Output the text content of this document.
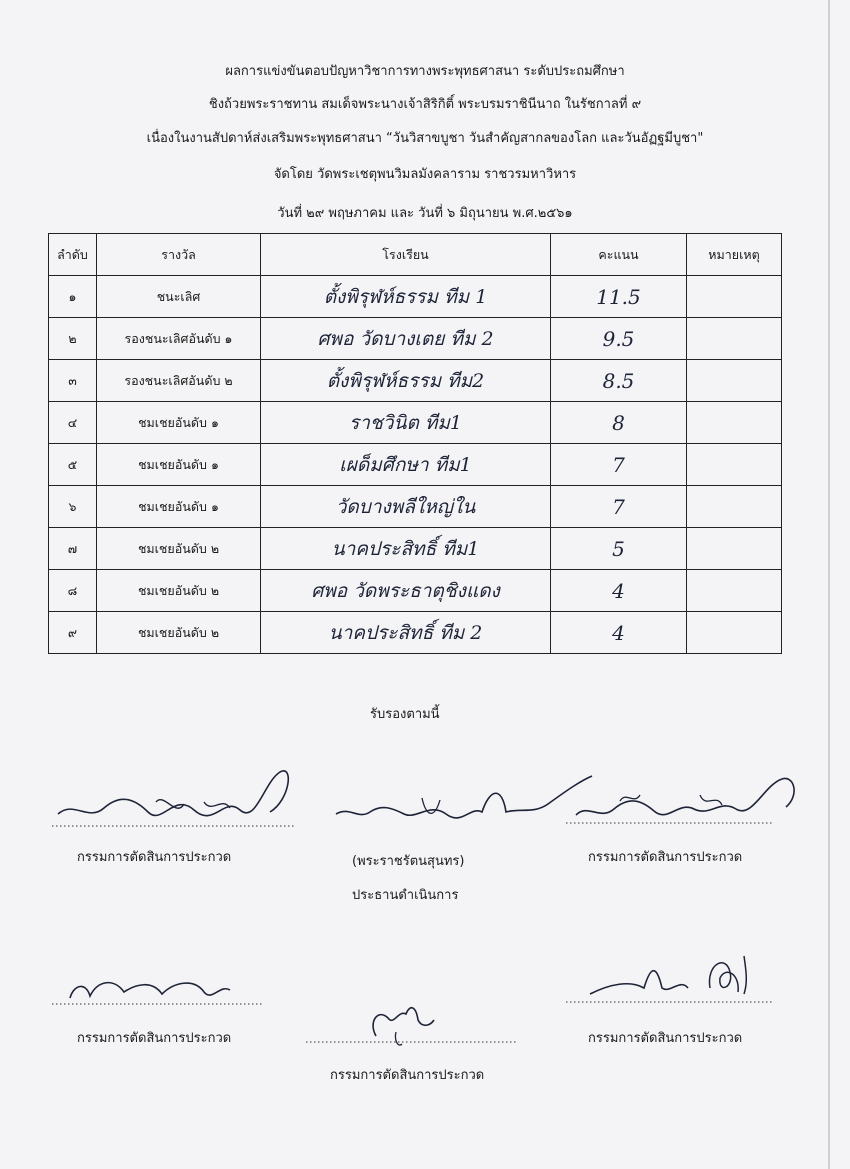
ผลการแข่งขันตอบปัญหาวิชาการทางพระพุทธศาสนา ระดับประถมศึกษา
ชิงถ้วยพระราชทาน สมเด็จพระนางเจ้าสิริกิติ์ พระบรมราชินีนาถ ในรัชกาลที่ ๙
เนื่องในงานสัปดาห์ส่งเสริมพระพุทธศาสนา “วันวิสาขบูชา วันสำคัญสากลของโลก และวันอัฏฐมีบูชา"
จัดโดย วัดพระเชตุพนวิมลมังคลาราม ราชวรมหาวิหาร
วันที่ ๒๙ พฤษภาคม และ วันที่ ๖ มิถุนายน พ.ศ.๒๕๖๑
ลำดับ	รางวัล	โรงเรียน	คะแนน	หมายเหตุ
๑	ชนะเลิศ	ตั้งพิรุฬห์ธรรม ทีม 1	11.5	
๒	รองชนะเลิศอันดับ ๑	ศพอ วัดบางเตย ทีม 2	9.5	
๓	รองชนะเลิศอันดับ ๒	ตั้งพิรุฬห์ธรรม ทีม2	8.5	
๔	ชมเชยอันดับ ๑	ราชวินิต ทีม1	8	
๕	ชมเชยอันดับ ๑	เผด็มศึกษา ทีม1	7	
๖	ชมเชยอันดับ ๑	วัดบางพลีใหญ่ใน	7	
๗	ชมเชยอันดับ ๒	นาคประสิทธิ์ ทีม1	5	
๘	ชมเชยอันดับ ๒	ศพอ วัดพระธาตุชิงแดง	4	
๙	ชมเชยอันดับ ๒	นาคประสิทธิ์ ทีม 2	4	
รับรองตามนี้
กรรมการตัดสินการประกวด	(พระราชรัตนสุนทร)
ประธานดำเนินการ
กรรมการตัดสินการประกวด
กรรมการตัดสินการประกวด	กรรมการตัดสินการประกวด
กรรมการตัดสินการประกวด
